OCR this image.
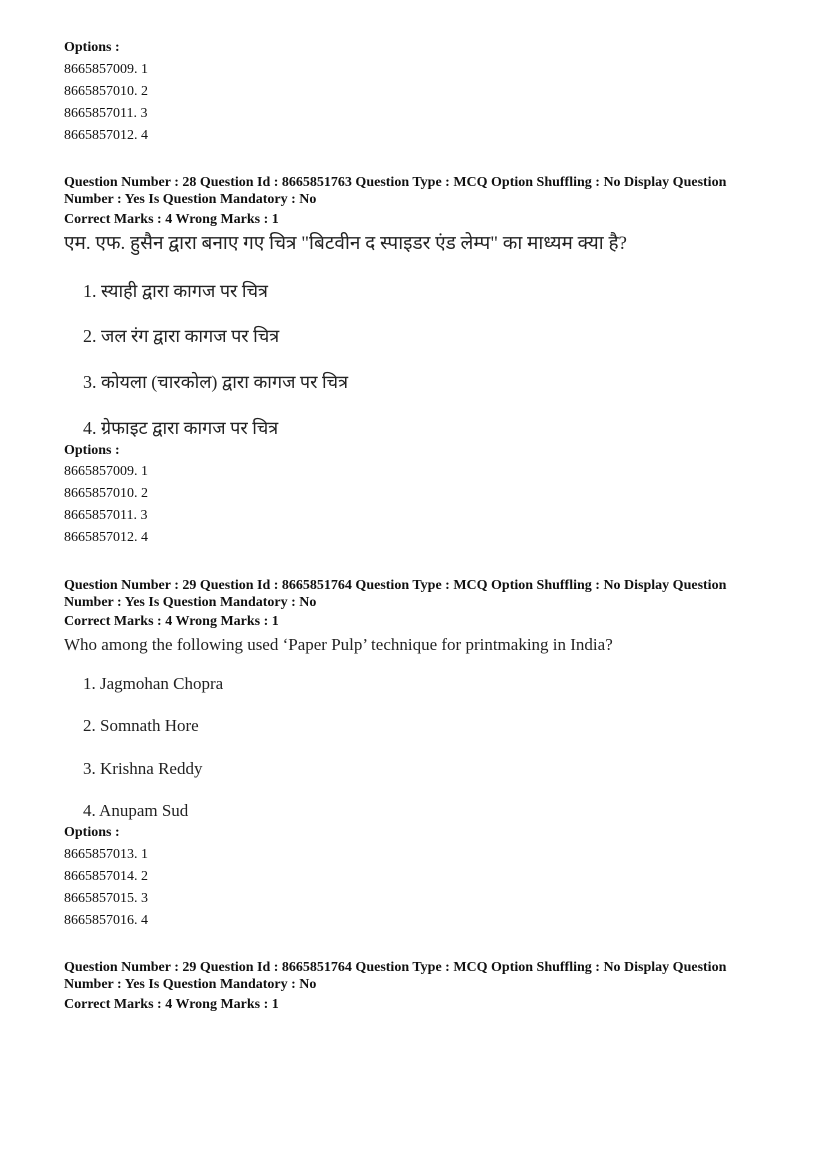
Options :

8665857009. 1

8665857010. 2

8665857011. 3

8665857012. 4

Question Number : 28 Question Id : 8665851763 Question Type : MCQ Option Shuffling : No Display Question

Number : Yes Is Question Mandatory : No

Correct Marks : 4 Wrong Marks : 1

एम. एफ. हुसैन द्वारा बनाए गए चित्र "बिटवीन द स्पाइडर एंड लेम्प" का माध्यम क्या है?

1. स्याही द्वारा कागज पर चित्र
2. जल रंग द्वारा कागज पर चित्र
3. कोयला (चारकोल) द्वारा कागज पर चित्र
4. ग्रेफाइट द्वारा कागज पर चित्र

Options :

8665857009. 1

8665857010. 2

8665857011. 3

8665857012. 4

Question Number : 29 Question Id : 8665851764 Question Type : MCQ Option Shuffling : No Display Question

Number : Yes Is Question Mandatory : No

Correct Marks : 4 Wrong Marks : 1

Who among the following used ‘Paper Pulp’ technique for printmaking in India?

1. Jagmohan Chopra
2. Somnath Hore
3. Krishna Reddy
4. Anupam Sud

Options :

8665857013. 1

8665857014. 2

8665857015. 3

8665857016. 4

Question Number : 29 Question Id : 8665851764 Question Type : MCQ Option Shuffling : No Display Question

Number : Yes Is Question Mandatory : No

Correct Marks : 4 Wrong Marks : 1
